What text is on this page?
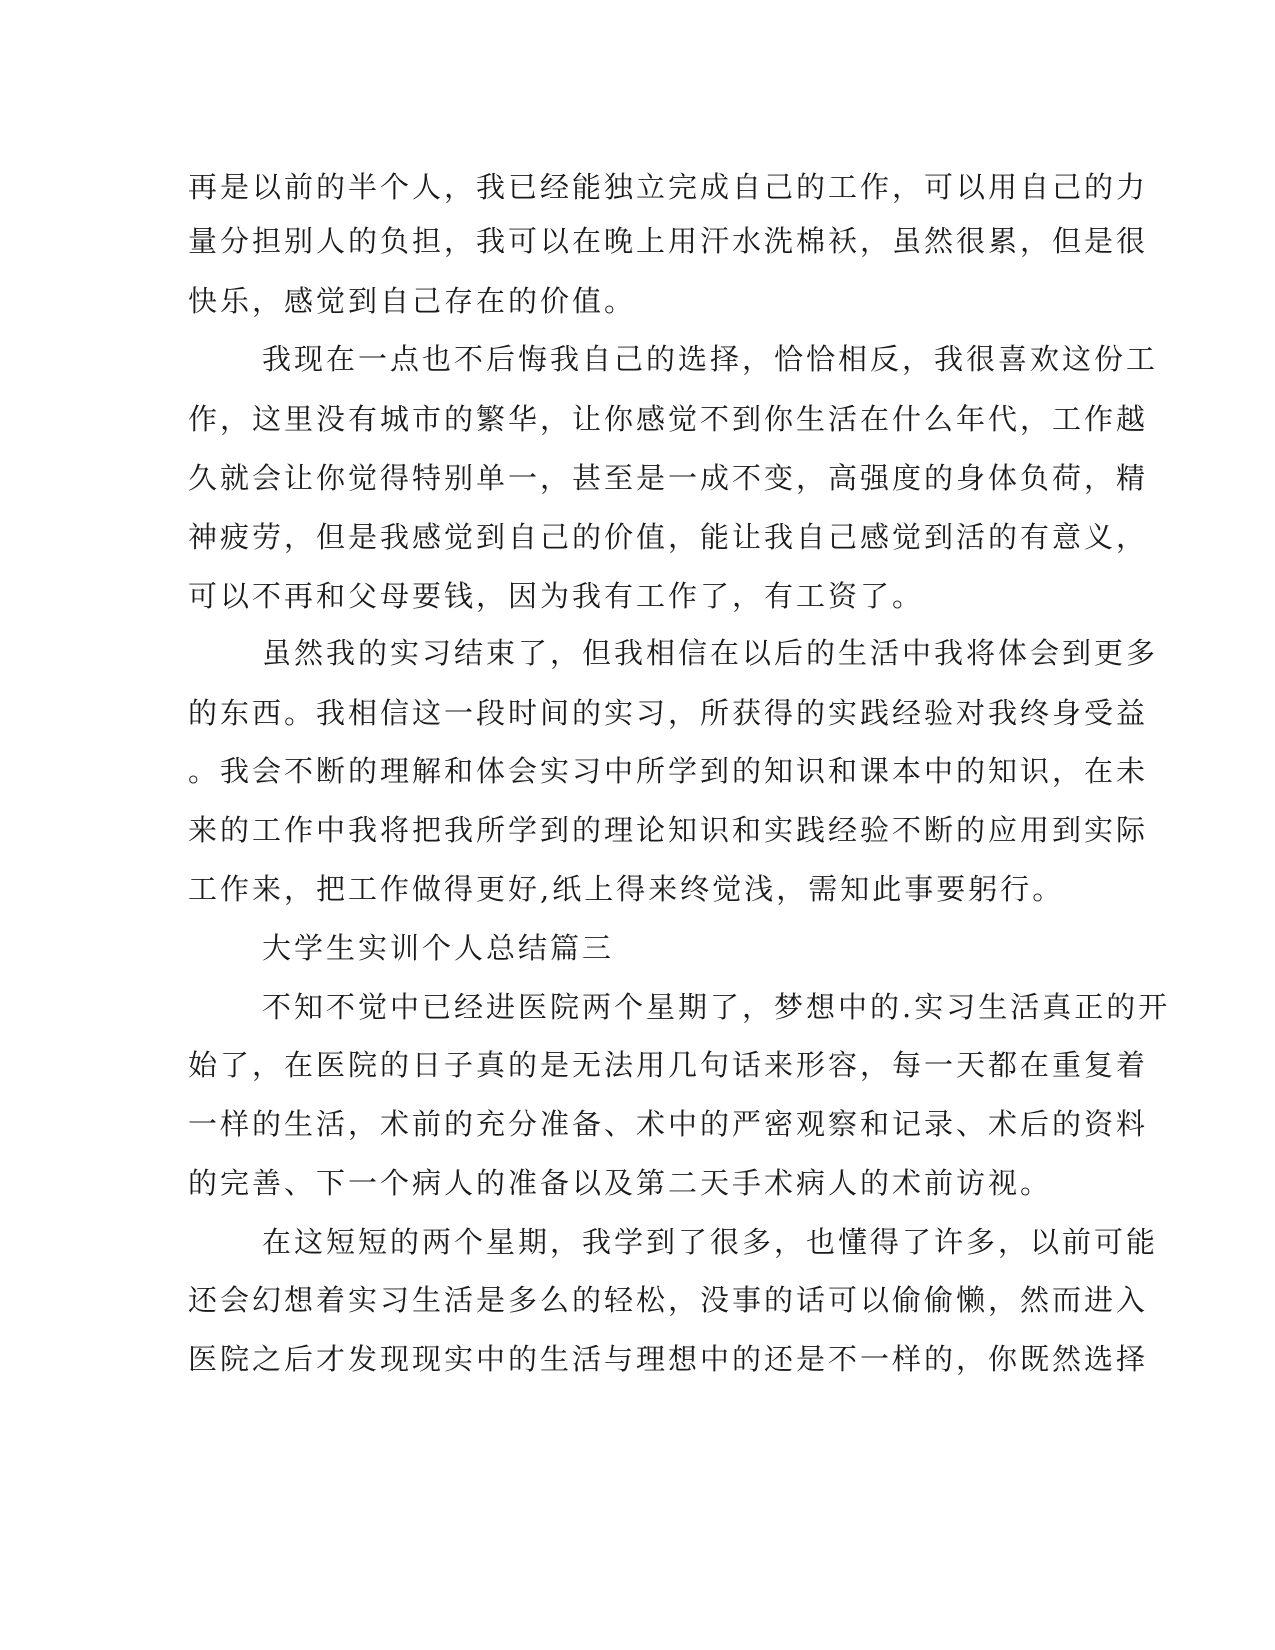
再是以前的半个人，我已经能独立完成自己的工作，可以用自己的力
量分担别人的负担，我可以在晚上用汗水洗棉袄，虽然很累，但是很
快乐，感觉到自己存在的价值。
我现在一点也不后悔我自己的选择，恰恰相反，我很喜欢这份工
作，这里没有城市的繁华，让你感觉不到你生活在什么年代，工作越
久就会让你觉得特别单一，甚至是一成不变，高强度的身体负荷，精
神疲劳，但是我感觉到自己的价值，能让我自己感觉到活的有意义，
可以不再和父母要钱，因为我有工作了，有工资了。
虽然我的实习结束了，但我相信在以后的生活中我将体会到更多
的东西。我相信这一段时间的实习，所获得的实践经验对我终身受益
。我会不断的理解和体会实习中所学到的知识和课本中的知识，在未
来的工作中我将把我所学到的理论知识和实践经验不断的应用到实际
工作来，把工作做得更好,纸上得来终觉浅，需知此事要躬行。
大学生实训个人总结篇三
不知不觉中已经进医院两个星期了，梦想中的.实习生活真正的开
始了，在医院的日子真的是无法用几句话来形容，每一天都在重复着
一样的生活，术前的充分准备、术中的严密观察和记录、术后的资料
的完善、下一个病人的准备以及第二天手术病人的术前访视。
在这短短的两个星期，我学到了很多，也懂得了许多，以前可能
还会幻想着实习生活是多么的轻松，没事的话可以偷偷懒，然而进入
医院之后才发现现实中的生活与理想中的还是不一样的，你既然选择
